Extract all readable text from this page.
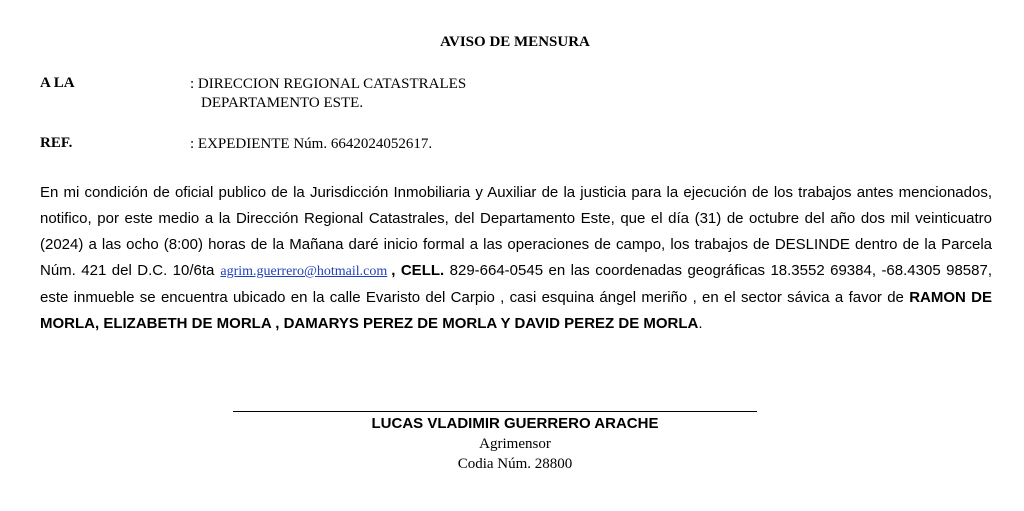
AVISO DE MENSURA
A LA	: DIRECCION REGIONAL CATASTRALES
DEPARTAMENTO ESTE.
REF.	: EXPEDIENTE Núm. 6642024052617.
En mi condición de oficial publico de la Jurisdicción Inmobiliaria y Auxiliar de la justicia para la ejecución de los trabajos antes mencionados, notifico, por este medio a la Dirección Regional Catastrales, del Departamento Este, que el día (31) de octubre del año dos mil veinticuatro (2024) a las ocho (8:00) horas de la Mañana daré inicio formal a las operaciones de campo, los trabajos de DESLINDE dentro de la Parcela Núm. 421 del D.C. 10/6ta agrim.guerrero@hotmail.com , CELL. 829-664-0545 en las coordenadas geográficas 18.3552 69384, -68.4305 98587, este inmueble se encuentra ubicado en la calle Evaristo del Carpio , casi esquina ángel meriño , en el sector sávica a favor de RAMON DE MORLA, ELIZABETH DE MORLA , DAMARYS PEREZ DE MORLA Y DAVID PEREZ DE MORLA.
LUCAS VLADIMIR GUERRERO ARACHE
Agrimensor
Codia Núm. 28800
